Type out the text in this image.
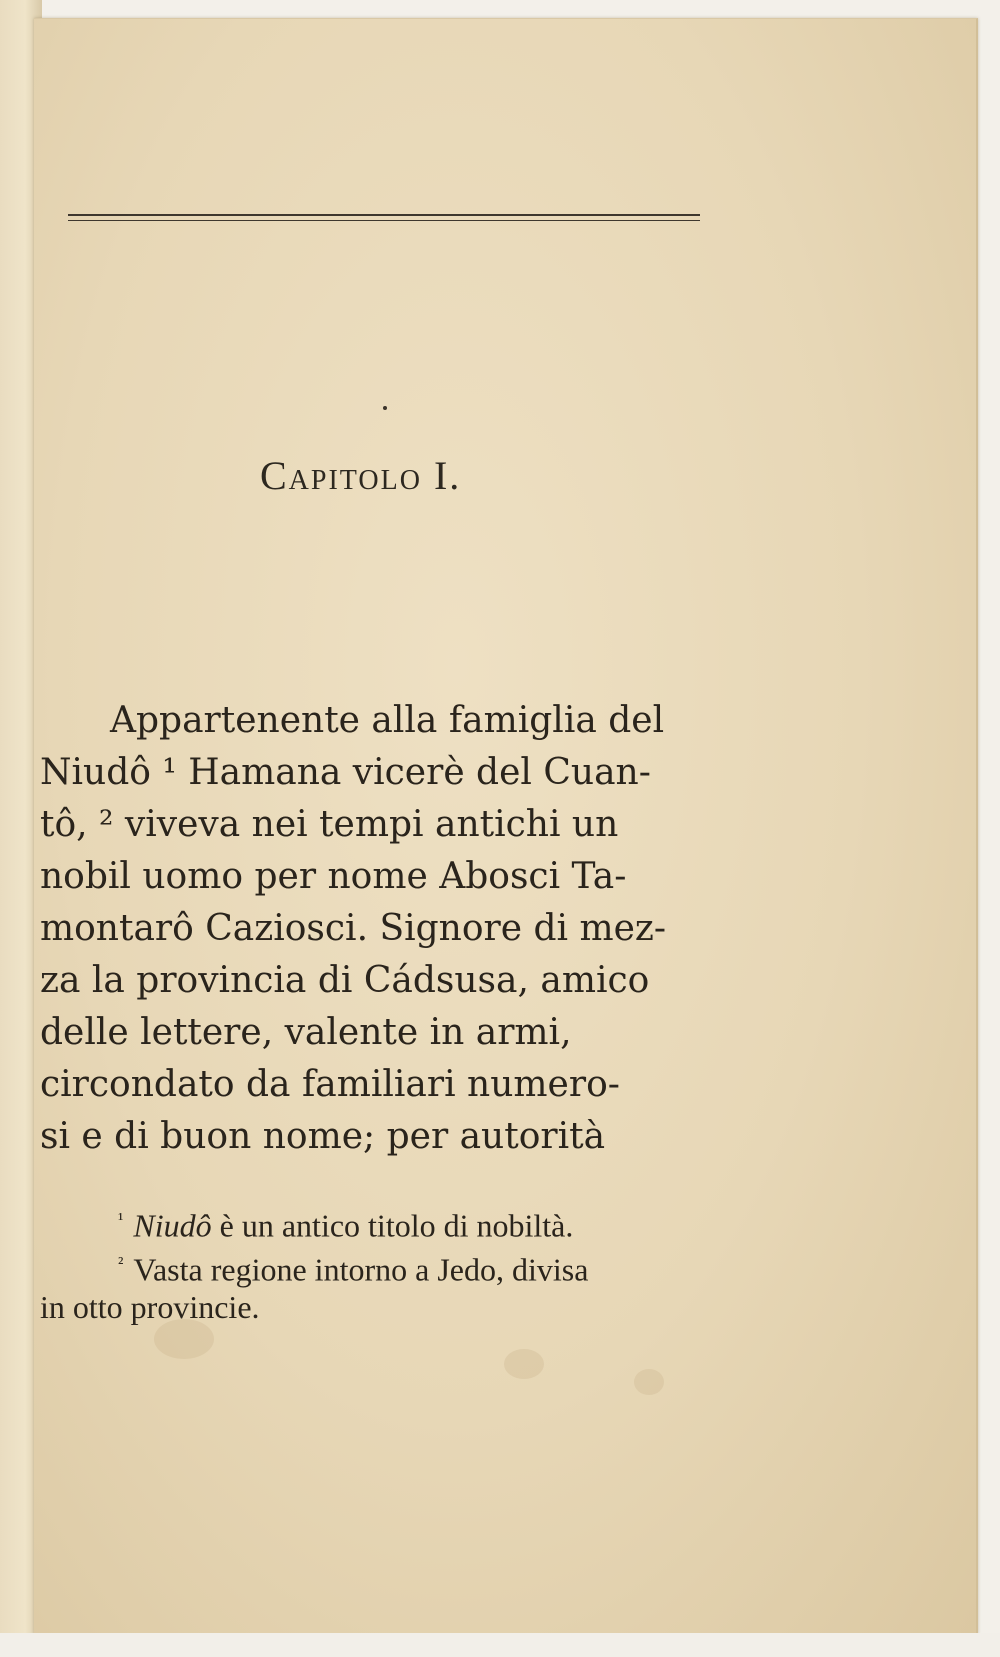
Capitolo I.
Appartenente alla famiglia del
Niudô ¹ Hamana vicerè del Cuan-
tô, ² viveva nei tempi antichi un
nobil uomo per nome Abosci Ta-
montarô Caziosci. Signore di mez-
za la provincia di Cádsusa, amico
delle lettere, valente in armi,
circondato da familiari numero-
si e di buon nome; per autorità
$^{^1}$ Niudô è un antico titolo di nobiltà.
$^{^2}$ Vasta regione intorno a Jedo, divisa
in otto provincie.
